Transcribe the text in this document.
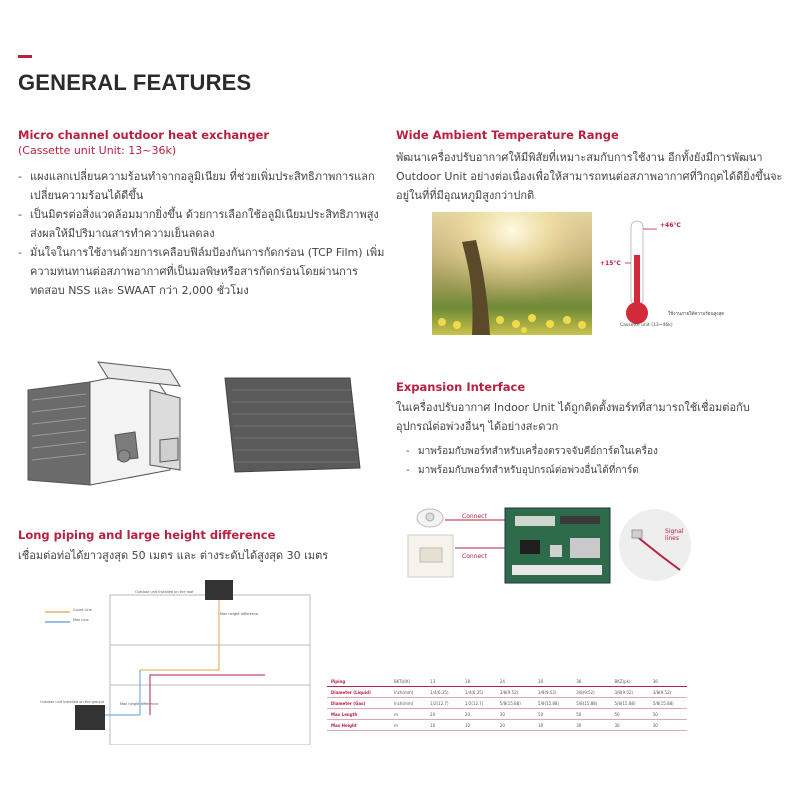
GENERAL FEATURES
Micro channel outdoor heat exchanger
(Cassette unit Unit: 13~36k)
- แผงแลกเปลี่ยนความร้อนทำจากอลูมิเนียม ที่ช่วยเพิ่มประสิทธิภาพการแลกเปลี่ยนความร้อนได้ดีขึ้น
- เป็นมิตรต่อสิ่งแวดล้อมมากยิ่งขึ้น ด้วยการเลือกใช้อลูมิเนียมประสิทธิภาพสูง ส่งผลให้มีปริมาณสารทำความเย็นลดลง
- มั่นใจในการใช้งานด้วยการเคลือบฟิล์มป้องกันการกัดกร่อน (TCP Film) เพิ่มความทนทานต่อสภาพอากาศที่เป็นมลพิษหรือสารกัดกร่อนโดยผ่านการทดสอบ NSS และ SWAAT กว่า 2,000 ชั่วโมง
Wide Ambient Temperature Range
พัฒนาเครื่องปรับอากาศให้มีพิสัยที่เหมาะสมกับการใช้งาน อีกทั้งยังมีการพัฒนา Outdoor Unit อย่างต่อเนื่องเพื่อให้สามารถทนต่อสภาพอากาศที่วิกฤตได้ดียิ่งขึ้นจะอยู่ในที่ที่มีอุณหภูมิสูงกว่าปกติ
+46°C
+15°C
ใช้งานภายใต้ความร้อนสูงสุด
Cassette unit (13~46k)
Expansion Interface
ในเครื่องปรับอากาศ Indoor Unit ได้ถูกติดตั้งพอร์ทที่สามารถใช้เชื่อมต่อกับอุปกรณ์ต่อพ่วงอื่นๆ ได้อย่างสะดวก
- มาพร้อมกับพอร์ทสำหรับเครื่องตรวจจับคีย์การ์ดในเครื่อง
- มาพร้อมกับพอร์ทสำหรับอุปกรณ์ต่อพ่วงอื่นได้ที่การ์ด
Connect
Connect
Signal lines
Long piping and large height difference
เชื่อมต่อท่อได้ยาวสูงสุด 50 เมตร และ ต่างระดับได้สูงสุด 30 เมตร
Count Line
Max Line
Outdoor unit installed on the roof
Max height difference
Max height difference
Outdoor unit installed on the ground
Piping	BKTU(K)	13	18	24	30	36	BKZ(pk)	36
Diameter (Liquid)	Inch(mm)	1/4(6.35)	1/4(6.35)	3/8(9.52)	3/8(9.52)	3/8(9.52)	3/8(9.52)	3/8(9.52)
Diameter (Gas)	Inch(mm)	1/2(12.7)	1/2(12.7)	5/8(15.88)	5/8(15.88)	5/8(15.88)	5/8(15.88)	5/8(15.88)
Max Length	m	20	20	30	50	50	50	50
Max Height	m	10	10	20	30	30	30	30
